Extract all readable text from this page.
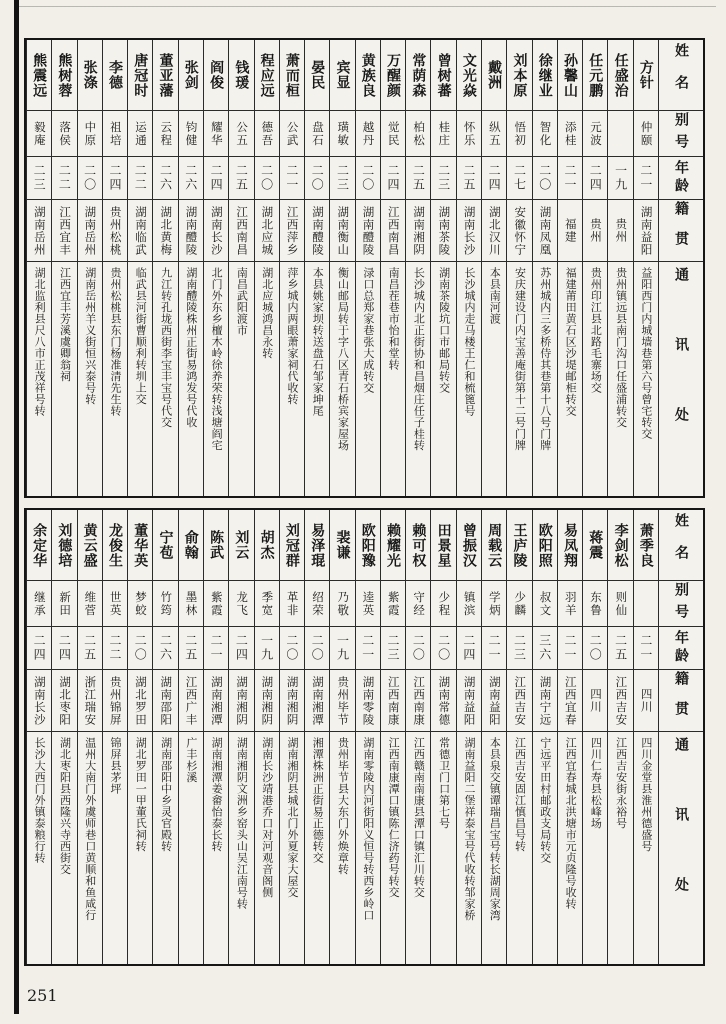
姓名
别号
年龄
籍贯
通讯处
方针
仲颐
二一
湖南益阳
益阳西门内城墙巷第六号曾宅转交
任盛治
一九
贵州
贵州镇远县南门沟口任盛浦转交
任元鹏
元波
二四
贵州
贵州印江县北路毛寨场交
孙馨山
添桂
二一
福建
福建莆田黄石区沙堤邮柜转交
徐继业
智化
二〇
湖南凤凰
苏州城内三多桥侍其巷第十八号门牌
刘本原
悟初
二七
安徽怀宁
安庆建设门内宝善庵街第十二号门牌
戴洲
纵五
二四
湖北汉川
本县南河渡
文光焱
怀乐
二五
湖南长沙
长沙城内走马楼王仁和梳篦号
曾树蕃
桂庄
二三
湖南茶陵
湖南茶陵坑口市邮局转交
常荫森
柏松
二五
湖南湘阴
长沙城内北正街协和昌烟庄任子桂转
万醒颜
觉民
二四
江西南昌
南昌茬巷市怡和堂转
黄族良
越丹
二〇
湖南醴陵
渌口总郑家巷张大成转交
宾显
璜敏
二三
湖南衡山
衡山邮局转于字八区青石桥宾家屋场
晏民
盘石
二〇
湖南醴陵
本县姚家坝转送盘石邹家坤尾
萧而桓
公武
二一
江西萍乡
萍乡城内两眼萧家祠代收转
程应远
德吾
二〇
湖北应城
湖北应城鸿昌永转
钱瑗
公五
二五
江西南昌
南昌武阳渡市
阎俊
耀华
二四
湖南长沙
北门外东乡檀木岭徐养荣转浅塘阎宅
张剑
钧健
二六
湖南醴陵
湖南醴陵株州正街易鸿发号代收
董亚藩
云程
二六
湖北黄梅
九江转孔垅西街李宝丰宝号代交
唐冠时
运通
二二
湖南临武
临武县河街曹顺利转圳上交
李德
祖培
二四
贵州松桃
贵州松桃县东门杨准清先生转
张涤
中原
二〇
湖南岳州
湖南岳州羊义街恒兴泰号转
熊树蓉
落侯
二二
江西宜丰
江西宜丰芳溪虞卿翁祠
熊震远
毅庵
二三
湖南岳州
湖北监利县尺八市正茂祥号转
姓名
别号
年龄
籍贯
通讯处
萧季良
二一
四川
四川金堂县淮州德盛号
李剑松
则仙
二五
江西吉安
江西吉安街永裕号
蒋震
东鲁
二〇
四川
四川仁寿县松峰场
易凤翔
羽羊
二一
江西宜春
江西宜春城北洪塘市元贞隆号收转
欧阳照
叔文
三六
湖南宁远
宁远平田村邮政支局转交
王庐陵
少麟
二三
江西吉安
江西吉安固江慎昌号转
周载云
学炳
二一
湖南益阳
本县泉交镇谭瑞昌宝号转长湖周家湾
曾振汉
镇滨
二四
湖南益阳
湖南益阳二堡祥泰宝号代收转邹家桥
田景星
少程
二〇
湖南常德
常德卫门口第七号
赖可权
守经
二〇
江西南康
江西赣南南康县潭口镇汇川转交
赖耀光
紫霞
二三
江西南康
江西南康潭口镇陈仁济药号转交
欧阳豫
逵英
二一
湖南零陵
湖南零陵内河街阳义恒号转西乡岭口
裴谦
乃敬
一九
贵州毕节
贵州毕节县大东门外焕章转
易泽琨
绍荣
二〇
湖南湘潭
湘潭株洲正街易正德转交
刘冠群
革非
二〇
湖南湘阴
湖南湘阴县城北门外夏家大屋交
胡杰
季宽
一九
湖南湘阴
湖南长沙靖港乔口对河观音阁侧
刘云
龙飞
二四
湖南湘阴
湖南湘阴文洲乡窑头山吴江南号转
陈武
紫霞
二一
湖南湘潭
湖南湘潭姜畲怡泰长转
俞翰
墨林
二五
江西广丰
广丰杉溪
宁苞
竹筠
二六
湖南邵阳
湖南邵阳中乡灵官殿转
董华英
梦蛟
二〇
湖北罗田
湖北罗田一甲董氏祠转
龙俊生
世英
二二
贵州锦屏
锦屏县茅坪
黄云盛
维菅
二五
浙江瑞安
温州大南门外虞师巷口黄顺和鱼咸行
刘德培
新田
二四
湖北枣阳
湖北枣阳县西隆兴寺西街交
余定华
继承
二四
湖南长沙
长沙大西门外镇泰粮行转
251
